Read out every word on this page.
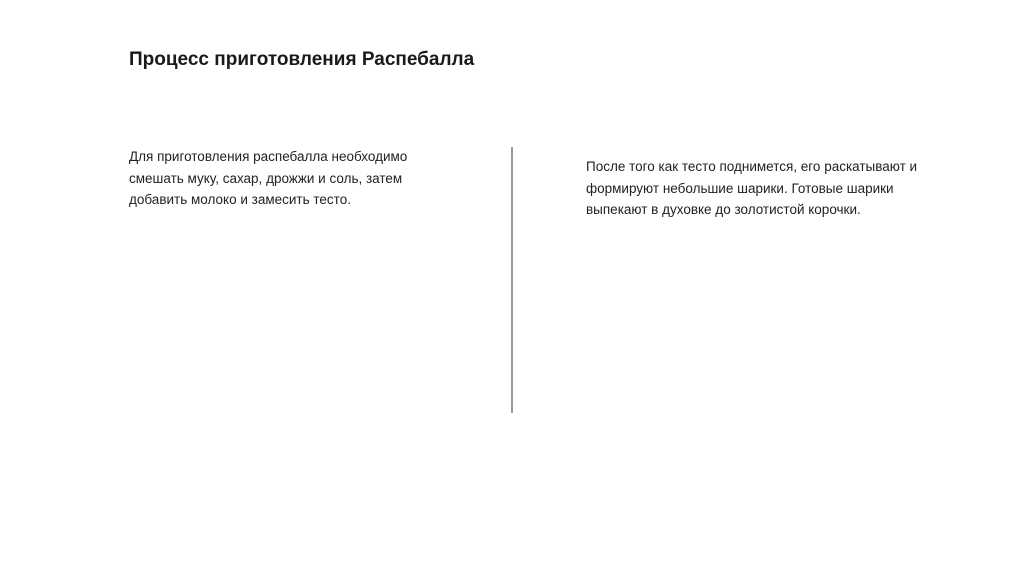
Процесс приготовления Распебалла

Для приготовления распебалла необходимо смешать муку, сахар, дрожжи и соль, затем добавить молоко и замесить тесто.

После того как тесто поднимется, его раскатывают и формируют небольшие шарики. Готовые шарики выпекают в духовке до золотистой корочки.
